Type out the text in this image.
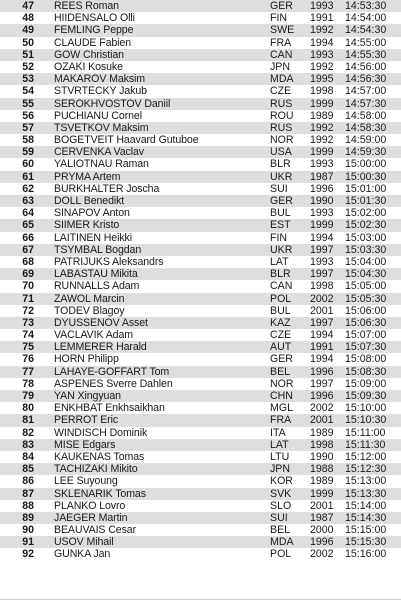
47 REES Roman	GER 1993 14:53:30
48 HIIDENSALO Olli	FIN 1991 14:54:00
49 FEMLING Peppe	SWE 1992 14:54:30
50 CLAUDE Fabien	FRA 1994 14:55:00
51 GOW Christian	CAN 1993 14:55:30
52 OZAKI Kosuke	JPN 1992 14:56:00
53 MAKAROV Maksim	MDA 1995 14:56:30
54 STVRTECKY Jakub	CZE 1998 14:57:00
55 SEROKHVOSTOV Daniil	RUS 1999 14:57:30
56 PUCHIANU Cornel	ROU 1989 14:58:00
57 TSVETKOV Maksim	RUS 1992 14:58:30
58 BOGETVEIT Haavard Gutuboe	NOR 1992 14:59:00
59 CERVENKA Vaclav	USA 1999 14:59:30
60 YALIOTNAU Raman	BLR 1993 15:00:00
61 PRYMA Artem	UKR 1987 15:00:30
62 BURKHALTER Joscha	SUI 1996 15:01:00
63 DOLL Benedikt	GER 1990 15:01:30
64 SINAPOV Anton	BUL 1993 15:02:00
65 SIIMER Kristo	EST 1999 15:02:30
66 LAITINEN Heikki	FIN 1994 15:03:00
67 TSYMBAL Bogdan	UKR 1997 15:03:30
68 PATRIJUKS Aleksandrs	LAT 1993 15:04:00
69 LABASTAU Mikita	BLR 1997 15:04:30
70 RUNNALLS Adam	CAN 1998 15:05:00
71 ZAWOL Marcin	POL 2002 15:05:30
72 TODEV Blagoy	BUL 2001 15:06:00
73 DYUSSENOV Asset	KAZ 1997 15:06:30
74 VACLAVIK Adam	CZE 1994 15:07:00
75 LEMMERER Harald	AUT 1991 15:07:30
76 HORN Philipp	GER 1994 15:08:00
77 LAHAYE-GOFFART Tom	BEL 1996 15:08:30
78 ASPENES Sverre Dahlen	NOR 1997 15:09:00
79 YAN Xingyuan	CHN 1996 15:09:30
80 ENKHBAT Enkhsaikhan	MGL 2002 15:10:00
81 PERROT Eric	FRA 2001 15:10:30
82 WINDISCH Dominik	ITA 1989 15:11:00
83 MISE Edgars	LAT 1998 15:11:30
84 KAUKENAS Tomas	LTU 1990 15:12:00
85 TACHIZAKI Mikito	JPN 1988 15:12:30
86 LEE Suyoung	KOR 1989 15:13:00
87 SKLENARIK Tomas	SVK 1999 15:13:30
88 PLANKO Lovro	SLO 2001 15:14:00
89 JAEGER Martin	SUI 1987 15:14:30
90 BEAUVAIS Cesar	BEL 2000 15:15:00
91 USOV Mihail	MDA 1996 15:15:30
92 GUNKA Jan	POL 2002 15:16:00
